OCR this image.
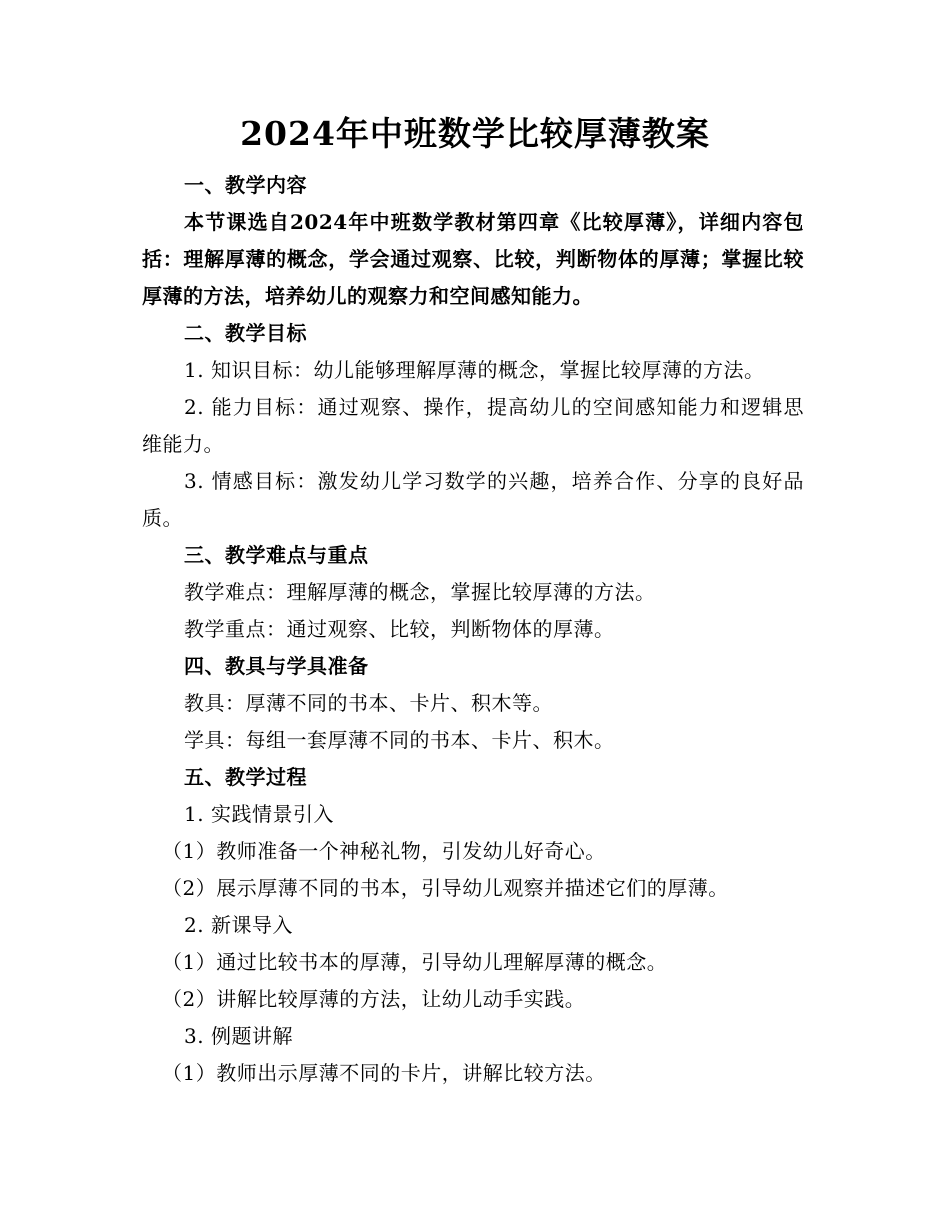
2024年中班数学比较厚薄教案
一、教学内容
本节课选自2024年中班数学教材第四章《比较厚薄》，详细内容包括：理解厚薄的概念，学会通过观察、比较，判断物体的厚薄；掌握比较厚薄的方法，培养幼儿的观察力和空间感知能力。
二、教学目标
1. 知识目标：幼儿能够理解厚薄的概念，掌握比较厚薄的方法。
2. 能力目标：通过观察、操作，提高幼儿的空间感知能力和逻辑思维能力。
3. 情感目标：激发幼儿学习数学的兴趣，培养合作、分享的良好品质。
三、教学难点与重点
教学难点：理解厚薄的概念，掌握比较厚薄的方法。
教学重点：通过观察、比较，判断物体的厚薄。
四、教具与学具准备
教具：厚薄不同的书本、卡片、积木等。
学具：每组一套厚薄不同的书本、卡片、积木。
五、教学过程
1. 实践情景引入
（1）教师准备一个神秘礼物，引发幼儿好奇心。
（2）展示厚薄不同的书本，引导幼儿观察并描述它们的厚薄。
2. 新课导入
（1）通过比较书本的厚薄，引导幼儿理解厚薄的概念。
（2）讲解比较厚薄的方法，让幼儿动手实践。
3. 例题讲解
（1）教师出示厚薄不同的卡片，讲解比较方法。
